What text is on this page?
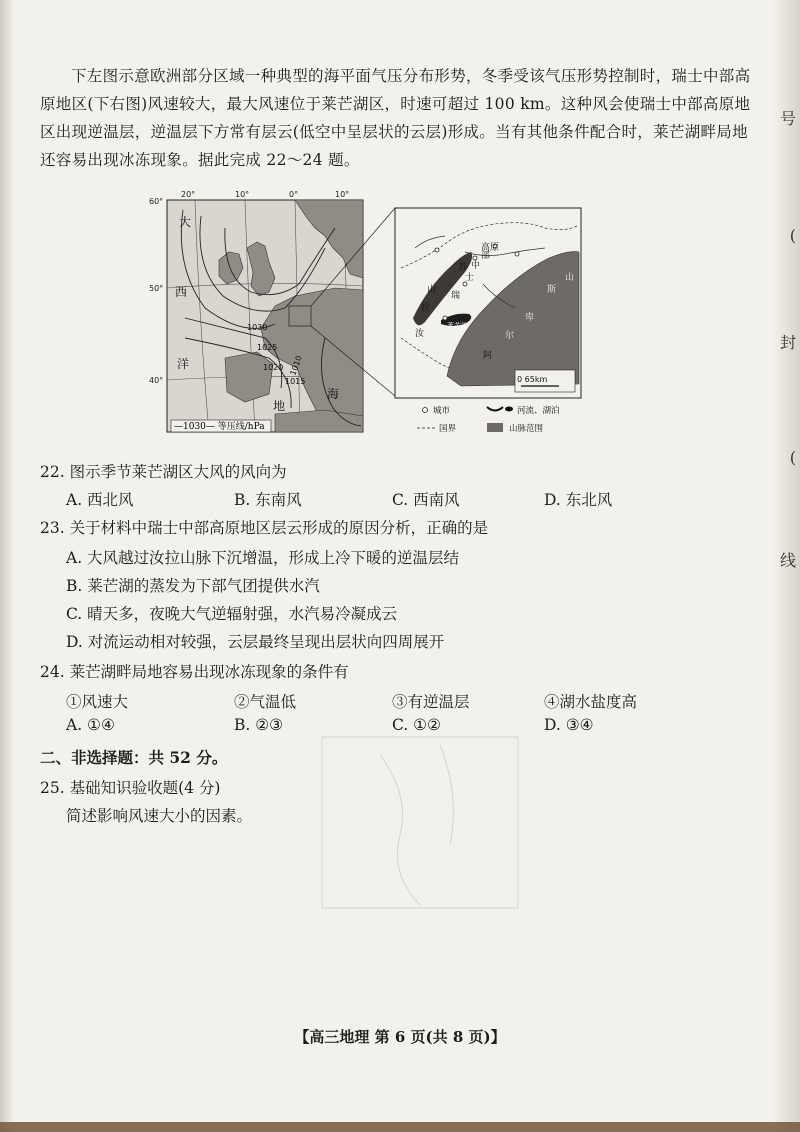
号
(
封
(
线

下左图示意欧洲部分区域一种典型的海平面气压分布形势，冬季受该气压形势控制时，瑞士中部高原地区(下右图)风速较大，最大风速位于莱芒湖区，时速可超过 100 km。这种风会使瑞士中部高原地区出现逆温层，逆温层下方常有层云(低空中呈层状的云层)形成。当有其他条件配合时，莱芒湖畔局地还容易出现冰冻现象。据此完成 22～24 题。
20°	10°	0°	10°
60°
50°
40°
1030
1025
1020
1015
1010
大
西
洋
地
海
—1030— 等压线/hPa
苏
山
拉
瑞
士
中
部
高 原
汝
莱芒湖
阿
尔
卑
斯
山
0 65km
城市	河流、湖泊
国界	山脉范围
22. 图示季节莱芒湖区大风的风向为
A. 西北风	B. 东南风	C. 西南风	D. 东北风
23. 关于材料中瑞士中部高原地区层云形成的原因分析，正确的是
A. 大风越过汝拉山脉下沉增温，形成上冷下暖的逆温层结
B. 莱芒湖的蒸发为下部气团提供水汽
C. 晴天多，夜晚大气逆辐射强，水汽易冷凝成云
D. 对流运动相对较强，云层最终呈现出层状向四周展开
24. 莱芒湖畔局地容易出现冰冻现象的条件有
①风速大	②气温低	③有逆温层	④湖水盐度高
A. ①④	B. ②③	C. ①②	D. ③④
二、非选择题：共 52 分。
25. 基础知识验收题(4 分)
简述影响风速大小的因素。
【高三地理 第 6 页(共 8 页)】
